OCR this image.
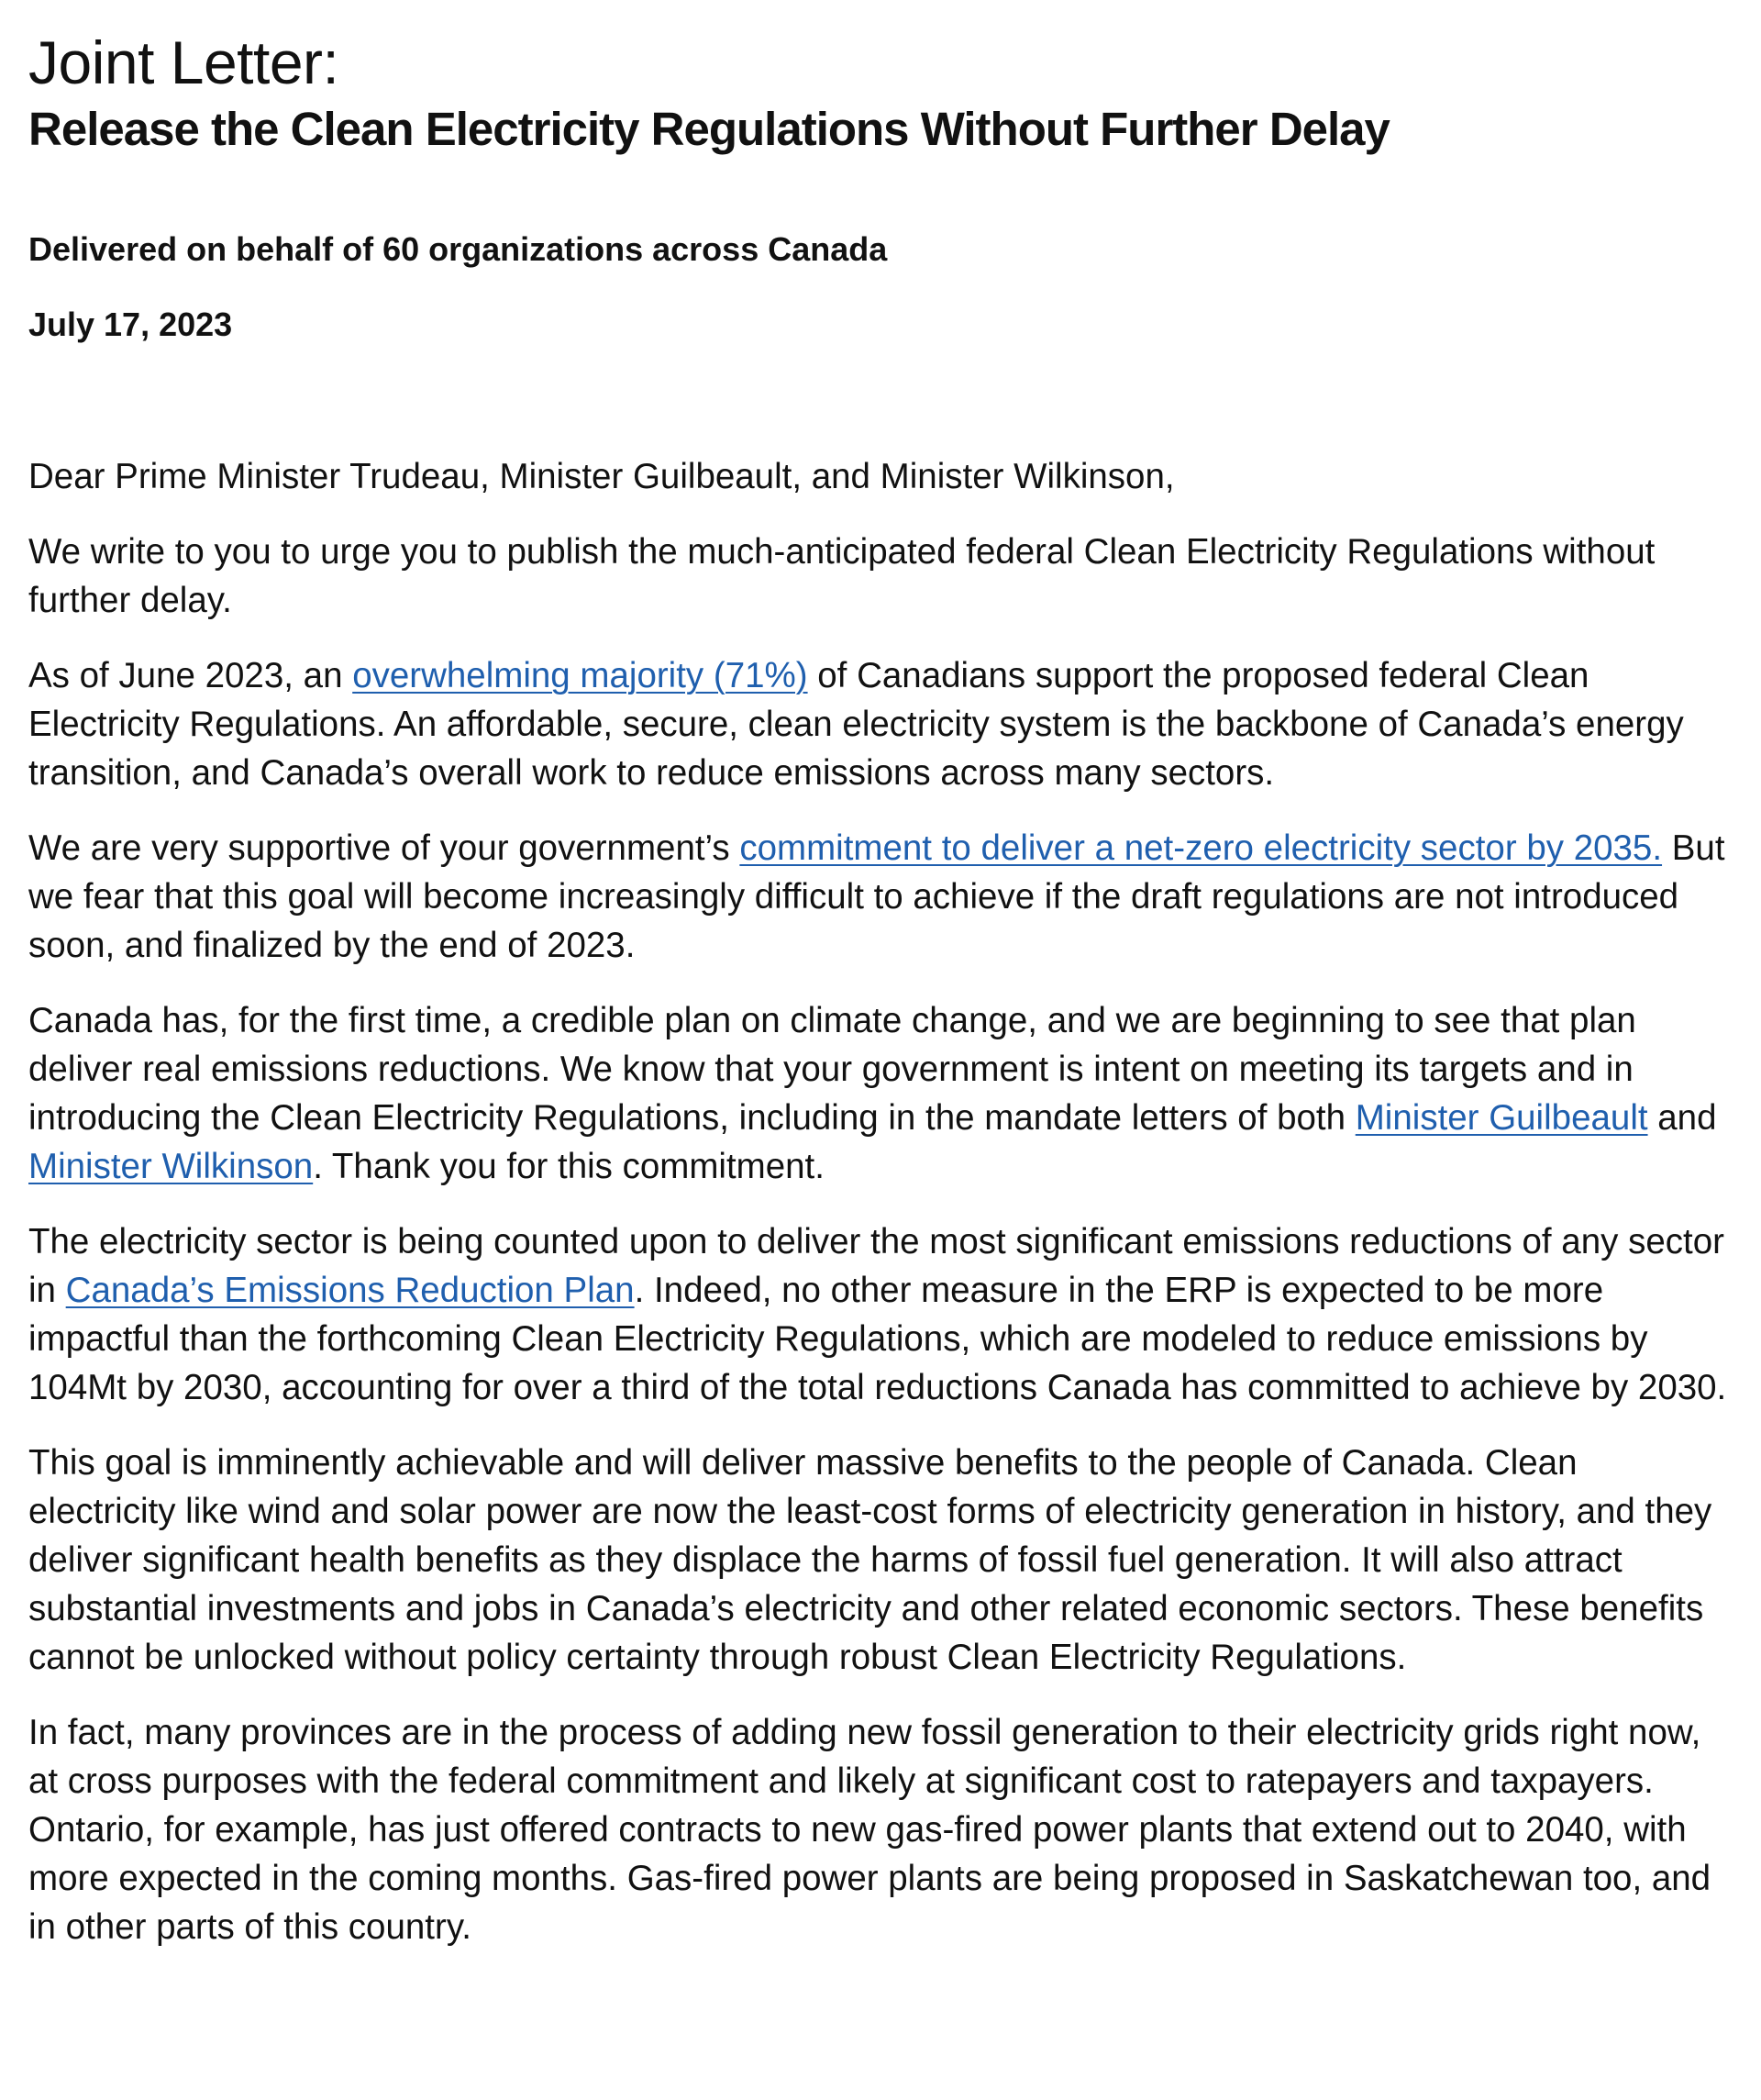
Joint Letter:
Release the Clean Electricity Regulations Without Further Delay

Delivered on behalf of 60 organizations across Canada

July 17, 2023

Dear Prime Minister Trudeau, Minister Guilbeault, and Minister Wilkinson,

We write to you to urge you to publish the much-anticipated federal Clean Electricity Regulations without further delay.

As of June 2023, an overwhelming majority (71%) of Canadians support the proposed federal Clean Electricity Regulations. An affordable, secure, clean electricity system is the backbone of Canada’s energy transition, and Canada’s overall work to reduce emissions across many sectors.

We are very supportive of your government’s commitment to deliver a net-zero electricity sector by 2035. But we fear that this goal will become increasingly difficult to achieve if the draft regulations are not introduced soon, and finalized by the end of 2023.

Canada has, for the first time, a credible plan on climate change, and we are beginning to see that plan deliver real emissions reductions. We know that your government is intent on meeting its targets and in introducing the Clean Electricity Regulations, including in the mandate letters of both Minister Guilbeault and Minister Wilkinson. Thank you for this commitment.

The electricity sector is being counted upon to deliver the most significant emissions reductions of any sector in Canada’s Emissions Reduction Plan. Indeed, no other measure in the ERP is expected to be more impactful than the forthcoming Clean Electricity Regulations, which are modeled to reduce emissions by 104Mt by 2030, accounting for over a third of the total reductions Canada has committed to achieve by 2030.

This goal is imminently achievable and will deliver massive benefits to the people of Canada. Clean electricity like wind and solar power are now the least-cost forms of electricity generation in history, and they deliver significant health benefits as they displace the harms of fossil fuel generation. It will also attract substantial investments and jobs in Canada’s electricity and other related economic sectors. These benefits cannot be unlocked without policy certainty through robust Clean Electricity Regulations.

In fact, many provinces are in the process of adding new fossil generation to their electricity grids right now, at cross purposes with the federal commitment and likely at significant cost to ratepayers and taxpayers. Ontario, for example, has just offered contracts to new gas-fired power plants that extend out to 2040, with more expected in the coming months. Gas-fired power plants are being proposed in Saskatchewan too, and in other parts of this country.
